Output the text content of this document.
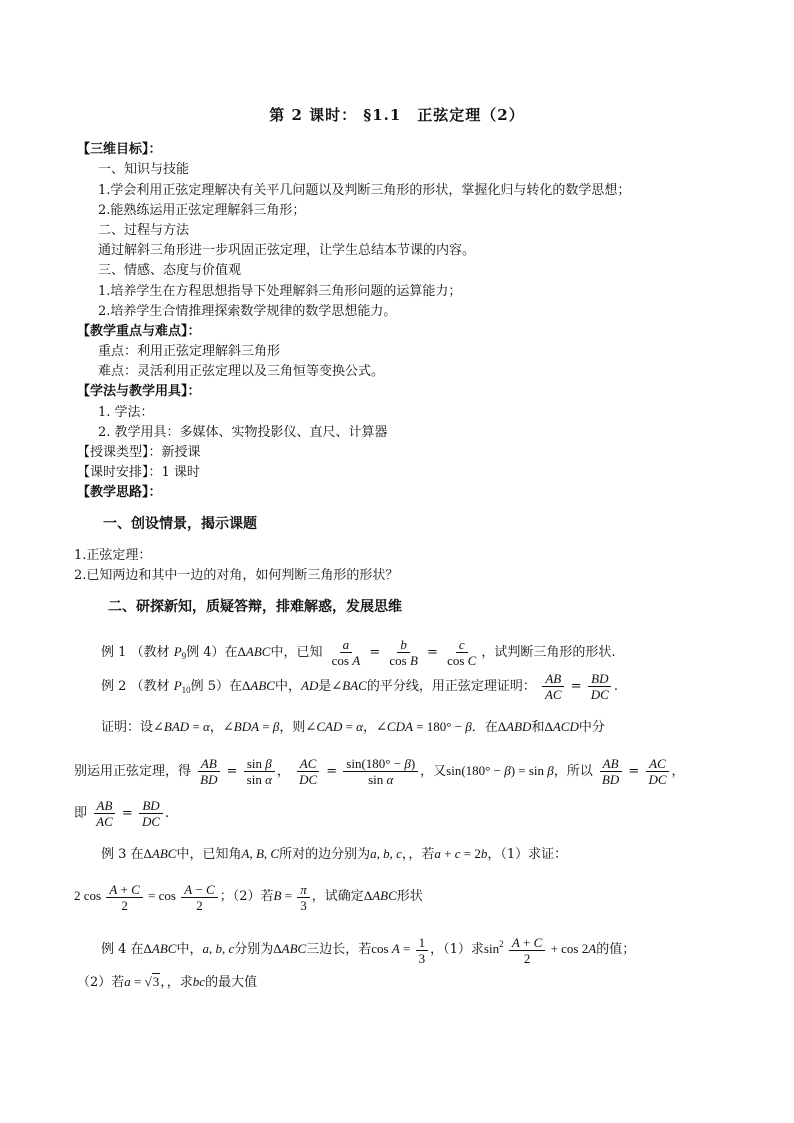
第 2 课时： §1.1　正弦定理（2）
【三维目标】：
一、知识与技能
1.学会利用正弦定理解决有关平几问题以及判断三角形的形状，掌握化归与转化的数学思想；
2.能熟练运用正弦定理解斜三角形；
二、过程与方法
通过解斜三角形进一步巩固正弦定理，让学生总结本节课的内容。
三、情感、态度与价值观
1.培养学生在方程思想指导下处理解斜三角形问题的运算能力；
2.培养学生合情推理探索数学规律的数学思想能力。
【教学重点与难点】：
重点：利用正弦定理解斜三角形
难点：灵活利用正弦定理以及三角恒等变换公式。
【学法与教学用具】：
1. 学法：
2. 教学用具：多媒体、实物投影仪、直尺、计算器
【授课类型】：新授课
【课时安排】：1 课时
【教学思路】：
一、创设情景，揭示课题
1.正弦定理：
2.已知两边和其中一边的对角，如何判断三角形的形状？
二、研探新知，质疑答辩，排难解惑，发展思维
例 1 （教材 $P_9$例 4）在ΔABC中，已知 $\frac{a}{\text{cos A}} = \frac{b}{\text{cos B}} = \frac{c}{\text{cos C}}$ ，试判断三角形的形状.
例 2 （教材 $P_{10}$例 5）在ΔABC中，AD是∠BAC的平分线，用正弦定理证明： $\frac{AB}{AC} = \frac{BD}{DC}$ .
证明：设∠BAD = α，∠BDA = β，则∠CAD = α，∠CDA = 180° − β．在ΔABD和ΔACD中分
别运用正弦定理，得 $\frac{AB}{BD} = \frac{\text{sin β}}{\text{sin α}}$ ， $\frac{AC}{DC} = \frac{\sin(180^\circ - \beta)}{\text{sin α}}$ ，又sin(180° − β) = sin β，所以 $\frac{AB}{BD} = \frac{AC}{DC}$ ，
即 $\frac{AB}{AC} = \frac{BD}{DC}$ .
例 3 在ΔABC中，已知角A, B, C所对的边分别为a, b, c，，若a + c = 2b，（1）求证：
2 $\cos \frac{A + C}{2} = \cos \frac{A - C}{2}$ ；（2）若$B = \frac{\pi}{3}$ ，试确定ΔABC形状
例 4 在ΔABC中，a, b, c分别为ΔABC三边长，若$\cos A = \frac{1}{3}$ ，（1）求$\sin^2 \frac{A + C}{2} + \cos 2A$的值；
（2）若a = √3，，求bc的最大值
